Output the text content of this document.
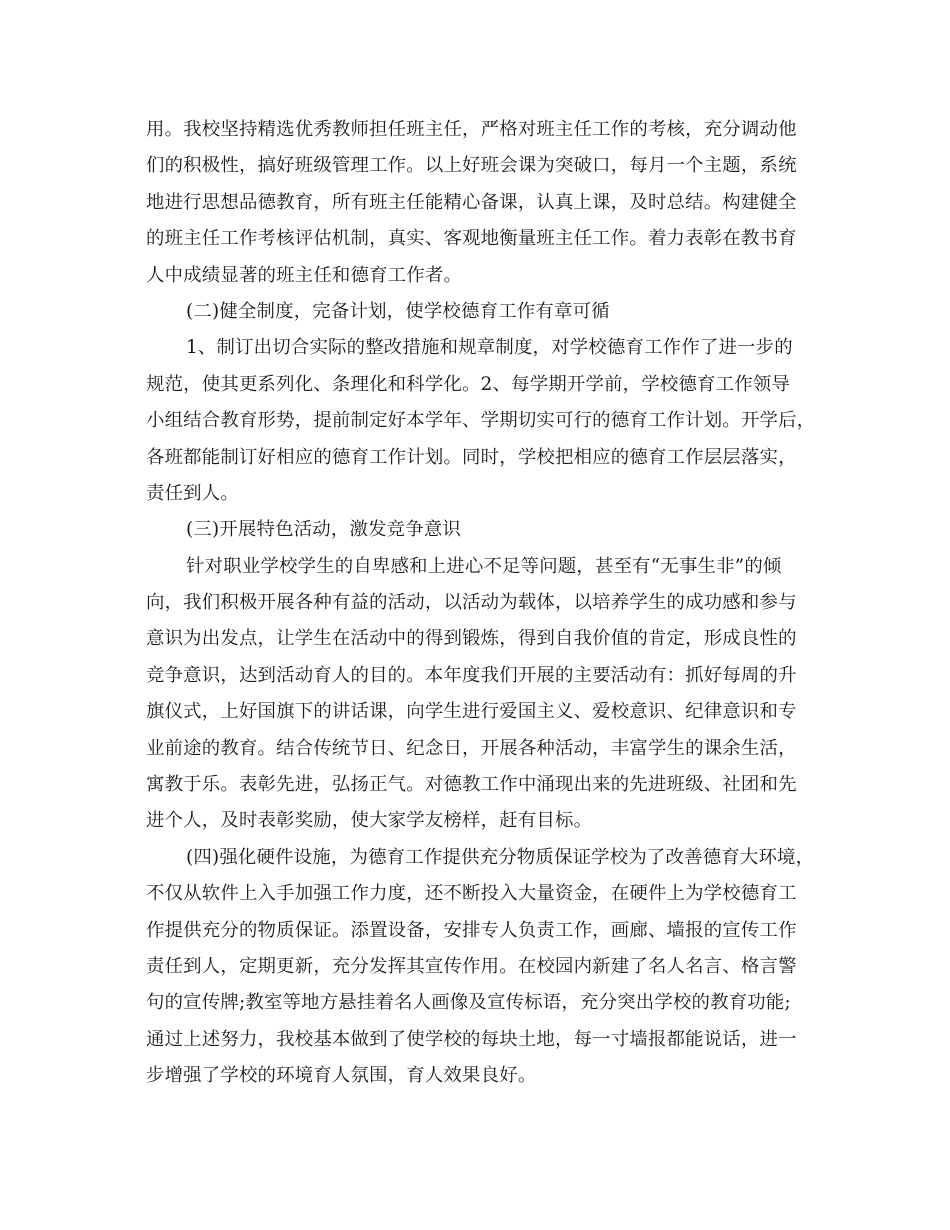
用。我校坚持精选优秀教师担任班主任，严格对班主任工作的考核，充分调动他
们的积极性，搞好班级管理工作。以上好班会课为突破口，每月一个主题，系统
地进行思想品德教育，所有班主任能精心备课，认真上课，及时总结。构建健全
的班主任工作考核评估机制，真实、客观地衡量班主任工作。着力表彰在教书育
人中成绩显著的班主任和德育工作者。
(二)健全制度，完备计划，使学校德育工作有章可循
1、制订出切合实际的整改措施和规章制度，对学校德育工作作了进一步的
规范，使其更系列化、条理化和科学化。2、每学期开学前，学校德育工作领导
小组结合教育形势，提前制定好本学年、学期切实可行的德育工作计划。开学后，
各班都能制订好相应的德育工作计划。同时，学校把相应的德育工作层层落实，
责任到人。
(三)开展特色活动，激发竞争意识
针对职业学校学生的自卑感和上进心不足等问题，甚至有“无事生非”的倾
向，我们积极开展各种有益的活动，以活动为载体，以培养学生的成功感和参与
意识为出发点，让学生在活动中的得到锻炼，得到自我价值的肯定，形成良性的
竞争意识，达到活动育人的目的。本年度我们开展的主要活动有：抓好每周的升
旗仪式，上好国旗下的讲话课，向学生进行爱国主义、爱校意识、纪律意识和专
业前途的教育。结合传统节日、纪念日，开展各种活动，丰富学生的课余生活，
寓教于乐。表彰先进，弘扬正气。对德教工作中涌现出来的先进班级、社团和先
进个人，及时表彰奖励，使大家学友榜样，赶有目标。
(四)强化硬件设施，为德育工作提供充分物质保证学校为了改善德育大环境，
不仅从软件上入手加强工作力度，还不断投入大量资金，在硬件上为学校德育工
作提供充分的物质保证。添置设备，安排专人负责工作，画廊、墙报的宣传工作
责任到人，定期更新，充分发挥其宣传作用。在校园内新建了名人名言、格言警
句的宣传牌;教室等地方悬挂着名人画像及宣传标语，充分突出学校的教育功能;
通过上述努力，我校基本做到了使学校的每块土地，每一寸墙报都能说话，进一
步增强了学校的环境育人氛围，育人效果良好。
